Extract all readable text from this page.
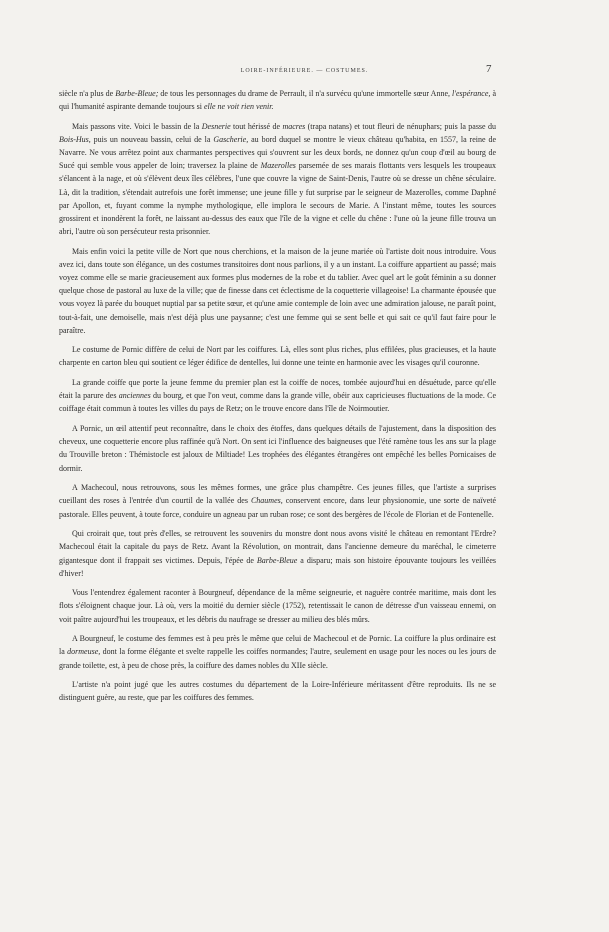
LOIRE-INFÉRIEURE. — COSTUMES.	7

siècle n'a plus de Barbe-Bleue; de tous les personnages du drame de Perrault, il n'a survécu qu'une immortelle sœur Anne, l'espérance, à qui l'humanité aspirante demande toujours si elle ne voit rien venir.

Mais passons vite. Voici le bassin de la Desnerie tout hérissé de macres (trapa natans) et tout fleuri de nénuphars; puis la passe du Bois-Hus, puis un nouveau bassin, celui de la Gascherie, au bord duquel se montre le vieux château qu'habita, en 1557, la reine de Navarre. Ne vous arrêtez point aux charmantes perspectives qui s'ouvrent sur les deux bords, ne donnez qu'un coup d'œil au bourg de Sucé qui semble vous appeler de loin; traversez la plaine de Mazerolles parsemée de ses marais flottants vers lesquels les troupeaux s'élancent à la nage, et où s'élèvent deux îles célèbres, l'une que couvre la vigne de Saint-Denis, l'autre où se dresse un chêne séculaire. Là, dit la tradition, s'étendait autrefois une forêt immense; une jeune fille y fut surprise par le seigneur de Mazerolles, comme Daphné par Apollon, et, fuyant comme la nymphe mythologique, elle implora le secours de Marie. A l'instant même, toutes les sources grossirent et inondèrent la forêt, ne laissant au-dessus des eaux que l'île de la vigne et celle du chêne : l'une où la jeune fille trouva un abri, l'autre où son persécuteur resta prisonnier.

Mais enfin voici la petite ville de Nort que nous cherchions, et la maison de la jeune mariée où l'artiste doit nous introduire. Vous avez ici, dans toute son élégance, un des costumes transitoires dont nous parlions, il y a un instant. La coiffure appartient au passé; mais voyez comme elle se marie gracieusement aux formes plus modernes de la robe et du tablier. Avec quel art le goût féminin a su donner quelque chose de pastoral au luxe de la ville; que de finesse dans cet éclectisme de la coquetterie villageoise! La charmante épousée que vous voyez là parée du bouquet nuptial par sa petite sœur, et qu'une amie contemple de loin avec une admiration jalouse, ne paraît point, tout-à-fait, une demoiselle, mais n'est déjà plus une paysanne; c'est une femme qui se sent belle et qui sait ce qu'il faut faire pour le paraître.

Le costume de Pornic diffère de celui de Nort par les coiffures. Là, elles sont plus riches, plus effilées, plus gracieuses, et la haute charpente en carton bleu qui soutient ce léger édifice de dentelles, lui donne une teinte en harmonie avec les visages qu'il couronne.

La grande coiffe que porte la jeune femme du premier plan est la coiffe de noces, tombée aujourd'hui en désuétude, parce qu'elle était la parure des anciennes du bourg, et que l'on veut, comme dans la grande ville, obéir aux capricieuses fluctuations de la mode. Ce coiffage était commun à toutes les villes du pays de Retz; on le trouve encore dans l'île de Noirmoutier.

A Pornic, un œil attentif peut reconnaître, dans le choix des étoffes, dans quelques détails de l'ajustement, dans la disposition des cheveux, une coquetterie encore plus raffinée qu'à Nort. On sent ici l'influence des baigneuses que l'été ramène tous les ans sur la plage du Trouville breton : Thémistocle est jaloux de Miltiade! Les trophées des élégantes étrangères ont empêché les belles Pornicaises de dormir.

A Machecoul, nous retrouvons, sous les mêmes formes, une grâce plus champêtre. Ces jeunes filles, que l'artiste a surprises cueillant des roses à l'entrée d'un courtil de la vallée des Chaumes, conservent encore, dans leur physionomie, une sorte de naïveté pastorale. Elles peuvent, à toute force, conduire un agneau par un ruban rose; ce sont des bergères de l'école de Florian et de Fontenelle.

Qui croirait que, tout près d'elles, se retrouvent les souvenirs du monstre dont nous avons visité le château en remontant l'Erdre? Machecoul était la capitale du pays de Retz. Avant la Révolution, on montrait, dans l'ancienne demeure du maréchal, le cimeterre gigantesque dont il frappait ses victimes. Depuis, l'épée de Barbe-Bleue a disparu; mais son histoire épouvante toujours les veillées d'hiver!

Vous l'entendrez également raconter à Bourgneuf, dépendance de la même seigneurie, et naguère contrée maritime, mais dont les flots s'éloignent chaque jour. Là où, vers la moitié du dernier siècle (1752), retentissait le canon de détresse d'un vaisseau ennemi, on voit paître aujourd'hui les troupeaux, et les débris du naufrage se dresser au milieu des blés mûrs.

A Bourgneuf, le costume des femmes est à peu près le même que celui de Machecoul et de Pornic. La coiffure la plus ordinaire est la dormeuse, dont la forme élégante et svelte rappelle les coiffes normandes; l'autre, seulement en usage pour les noces ou les jours de grande toilette, est, à peu de chose près, la coiffure des dames nobles du XIIe siècle.

L'artiste n'a point jugé que les autres costumes du département de la Loire-Inférieure méritassent d'être reproduits. Ils ne se distinguent guère, au reste, que par les coiffures des femmes.
